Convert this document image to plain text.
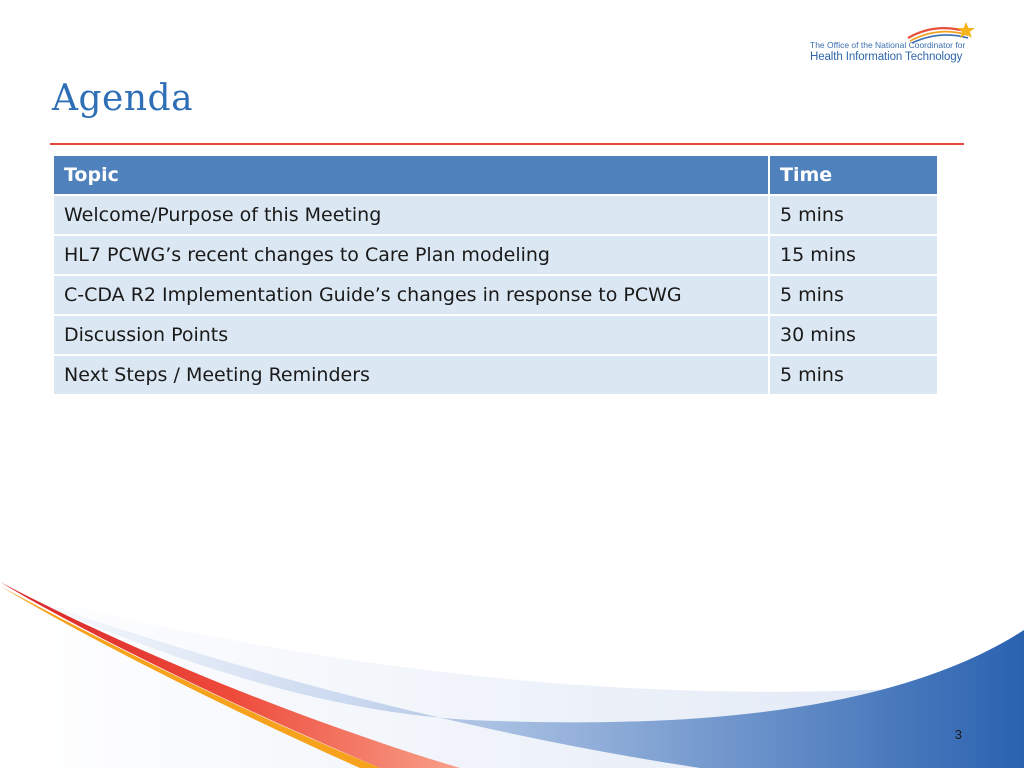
The Office of the National Coordinator for
Health Information Technology
Agenda
Topic	Time
Welcome/Purpose of this Meeting	5 mins
HL7 PCWG’s recent changes to Care Plan modeling	15 mins
C-CDA R2 Implementation Guide’s changes in response to PCWG	5 mins
Discussion Points	30 mins
Next Steps / Meeting Reminders	5 mins
3
